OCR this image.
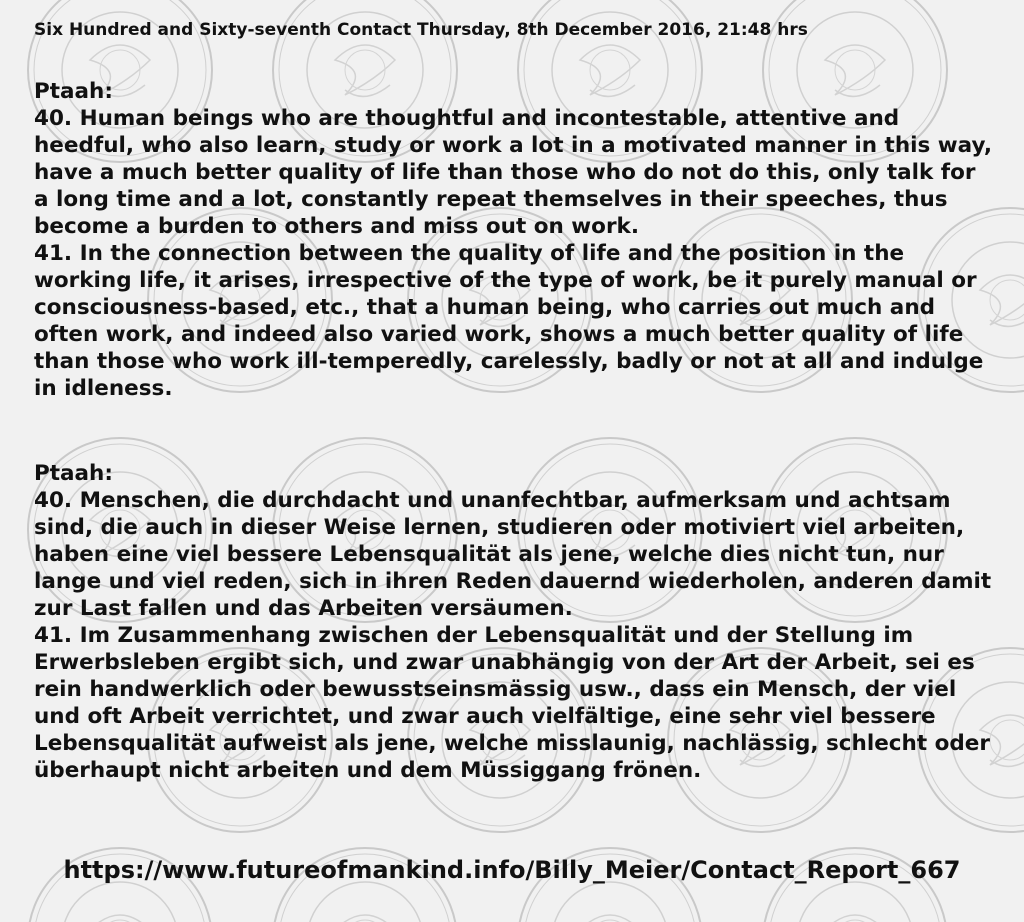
Six Hundred and Sixty-seventh Contact Thursday, 8th December 2016, 21:48 hrs
Ptaah:
40. Human beings who are thoughtful and incontestable, attentive and heedful, who also learn, study or work a lot in a motivated manner in this way, have a much better quality of life than those who do not do this, only talk for a long time and a lot, constantly repeat themselves in their speeches, thus become a burden to others and miss out on work.
41. In the connection between the quality of life and the position in the working life, it arises, irrespective of the type of work, be it purely manual or consciousness-based, etc., that a human being, who carries out much and often work, and indeed also varied work, shows a much better quality of life than those who work ill-temperedly, carelessly, badly or not at all and indulge in idleness.
Ptaah:
40. Menschen, die durchdacht und unanfechtbar, aufmerksam und achtsam sind, die auch in dieser Weise lernen, studieren oder motiviert viel arbeiten, haben eine viel bessere Lebensqualität als jene, welche dies nicht tun, nur lange und viel reden, sich in ihren Reden dauernd wiederholen, anderen damit zur Last fallen und das Arbeiten versäumen.
41. Im Zusammenhang zwischen der Lebensqualität und der Stellung im Erwerbsleben ergibt sich, und zwar unabhängig von der Art der Arbeit, sei es rein handwerklich oder bewusstseinsmässig usw., dass ein Mensch, der viel und oft Arbeit verrichtet, und zwar auch vielfältige, eine sehr viel bessere Lebensqualität aufweist als jene, welche misslaunig, nachlässig, schlecht oder überhaupt nicht arbeiten und dem Müssiggang frönen.
https://www.futureofmankind.info/Billy_Meier/Contact_Report_667
